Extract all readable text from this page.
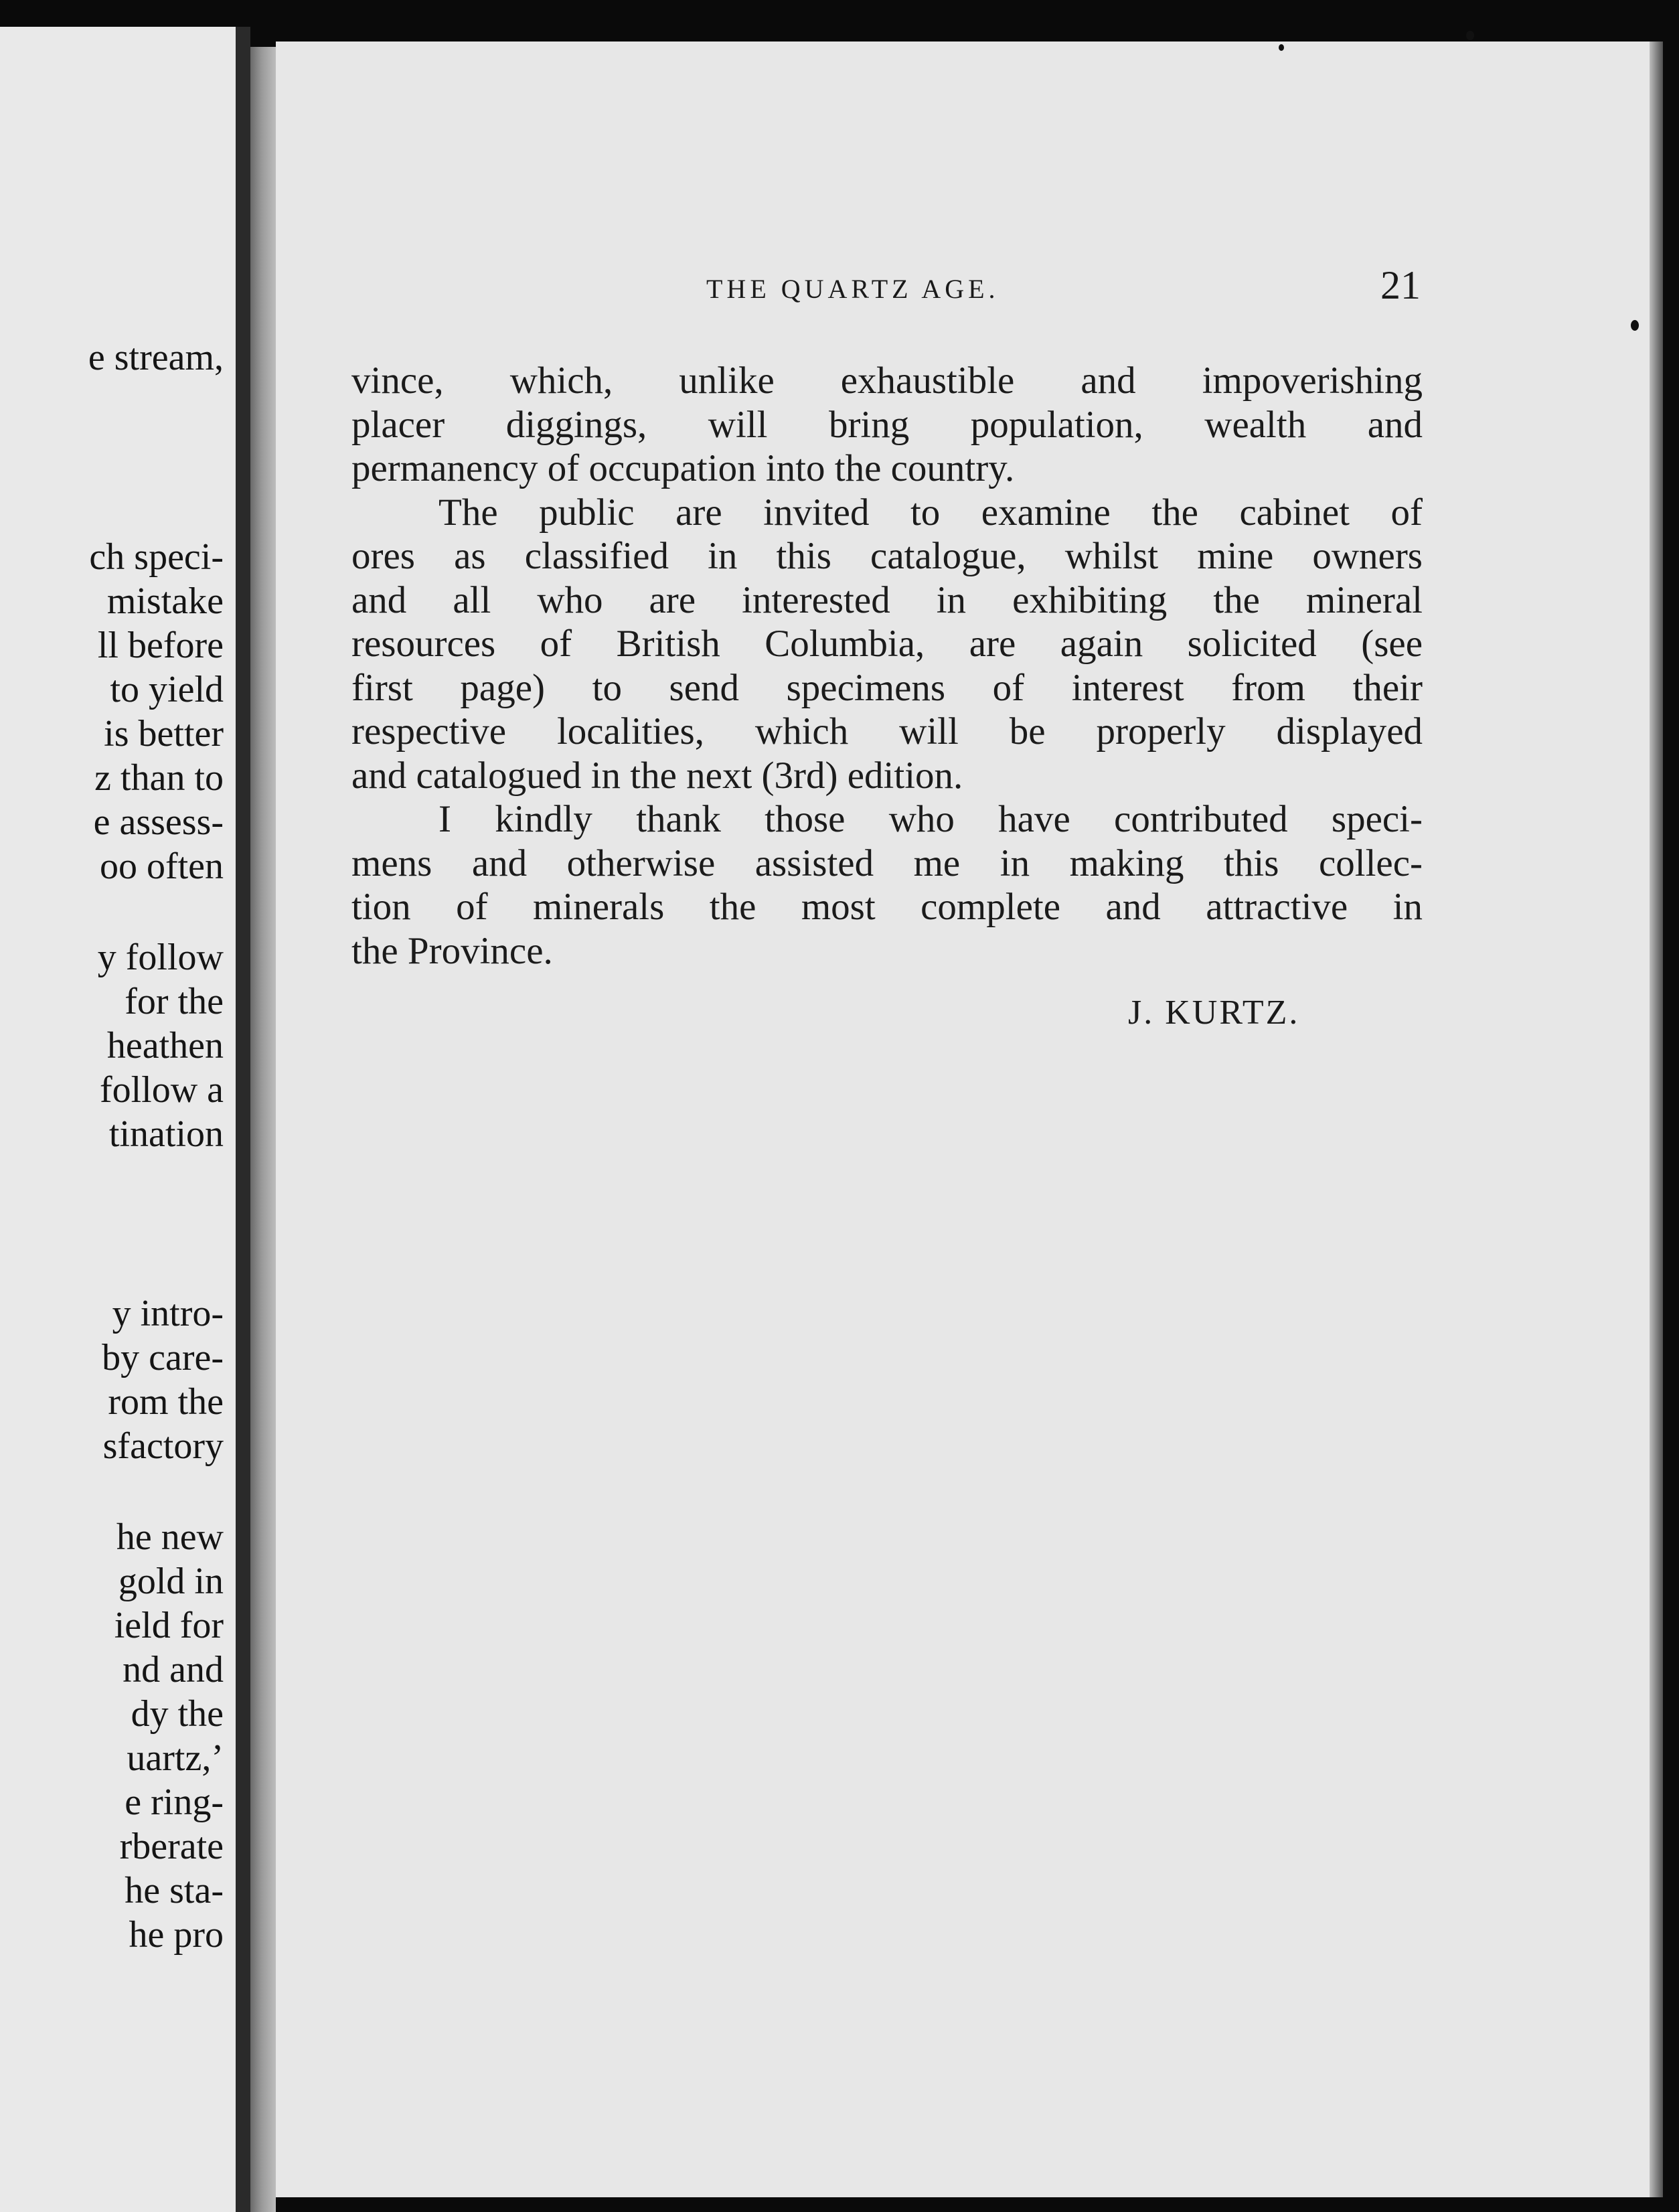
e stream,
ch speci-
mistake
ll before
to yield
is better
z than to
e assess-
oo often
y follow
for the
heathen
follow a
tination
y intro-
by care-
rom the
sfactory
he new
gold in
ield for
nd and
dy the
uartz,’
e ring-
rberate
he sta-
he pro
THE QUARTZ AGE.	21
vince, which, unlike exhaustible and impoverishing
placer diggings, will bring population, wealth and
permanency of occupation into the country.
The public are invited to examine the cabinet of
ores as classified in this catalogue, whilst mine owners
and all who are interested in exhibiting the mineral
resources of British Columbia, are again solicited (see
first page) to send specimens of interest from their
respective localities, which will be properly displayed
and catalogued in the next (3rd) edition.
I kindly thank those who have contributed speci-
mens and otherwise assisted me in making this collec-
tion of minerals the most complete and attractive in
the Province.
J. KURTZ.
